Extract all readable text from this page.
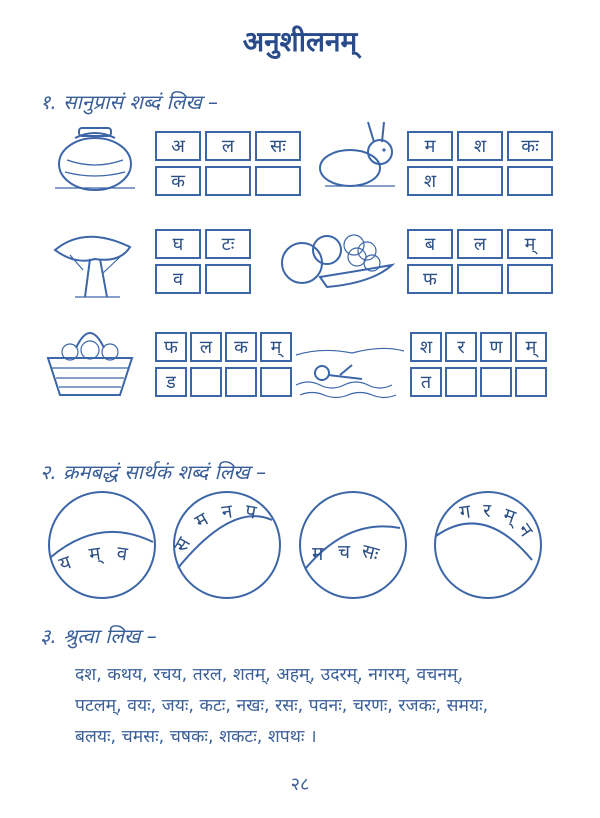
अनुशीलनम्
१. सानुप्रासं शब्दं लिख –
अ	ल	सः
क
म	श	कः
श
घ	टः
व
ब	ल	म्
फ
फ	ल	क	म्
ड
श	र	ण	म्
त
२. क्रमबद्धं सार्थकं शब्दं लिख –
य म् व स
म न प
म च सः
ग र म्
न
३. श्रुत्वा लिख –
दश, कथय, रचय, तरल, शतम्, अहम्, उदरम्, नगरम्, वचनम्,
पटलम्, वयः, जयः, कटः, नखः, रसः, पवनः, चरणः, रजकः, समयः,
बलयः, चमसः, चषकः, शकटः, शपथः ।
२८
